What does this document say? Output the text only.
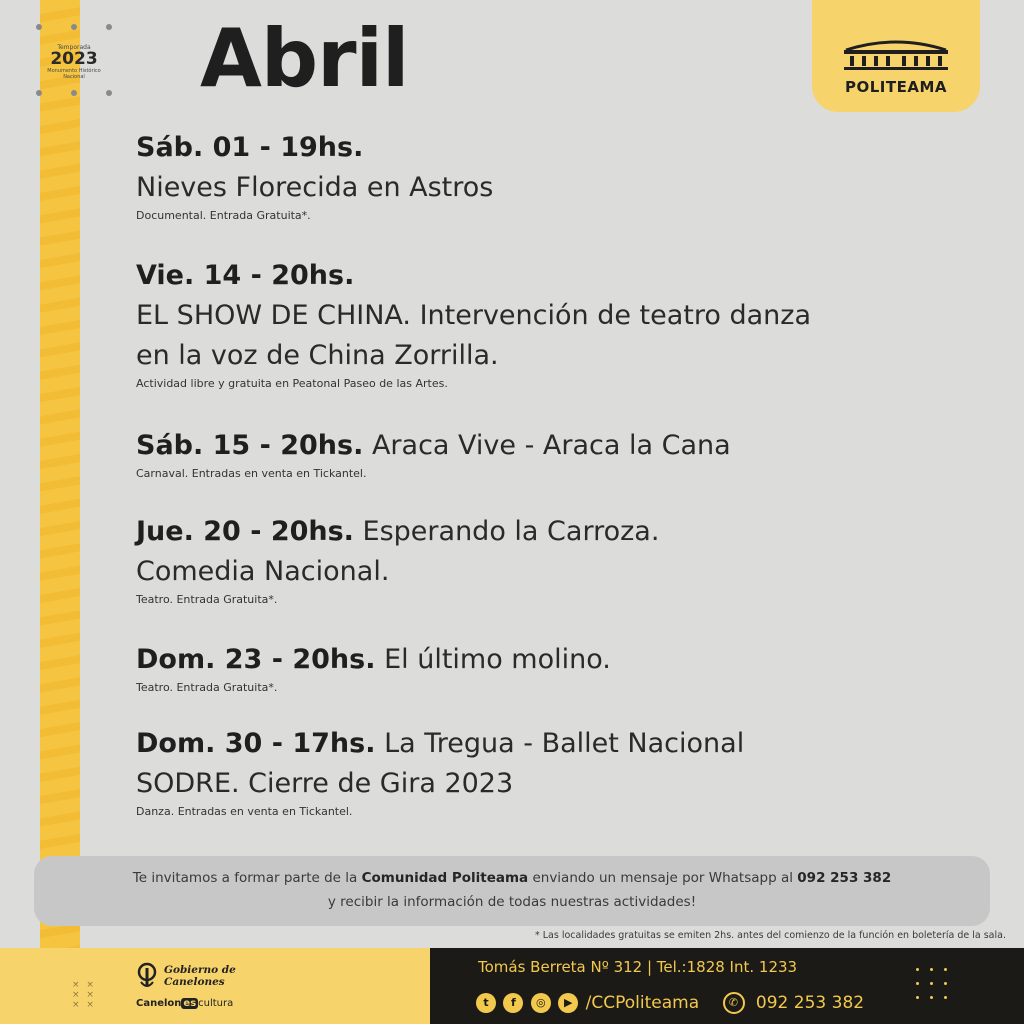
Temporada
2023
Monumento Histórico Nacional	Abril	POLITEAMA
Sáb. 01 - 19hs.
Nieves Florecida en Astros
Documental. Entrada Gratuita*.
Vie. 14 - 20hs.
EL SHOW DE CHINA. Intervención de teatro danza
en la voz de China Zorrilla.
Actividad libre y gratuita en Peatonal Paseo de las Artes.
Sáb. 15 - 20hs. Araca Vive - Araca la Cana
Carnaval. Entradas en venta en Tickantel.
Jue. 20 - 20hs. Esperando la Carroza.
Comedia Nacional.
Teatro. Entrada Gratuita*.
Dom. 23 - 20hs. El último molino.
Teatro. Entrada Gratuita*.
Dom. 30 - 17hs. La Tregua - Ballet Nacional
SODRE. Cierre de Gira 2023
Danza. Entradas en venta en Tickantel.
Te invitamos a formar parte de la Comunidad Politeama enviando un mensaje por Whatsapp al 092 253 382
y recibir la información de todas nuestras actividades!
* Las localidades gratuitas se emiten 2hs. antes del comienzo de la función en boletería de la sala.
× ×
× ×
× ×
Gobierno de
Canelones
Canelon es cultura
Tomás Berreta Nº 312 | Tel.:1828 Int. 1233
t f ◎ ▶ /CCPoliteama	✆ 092 253 382
